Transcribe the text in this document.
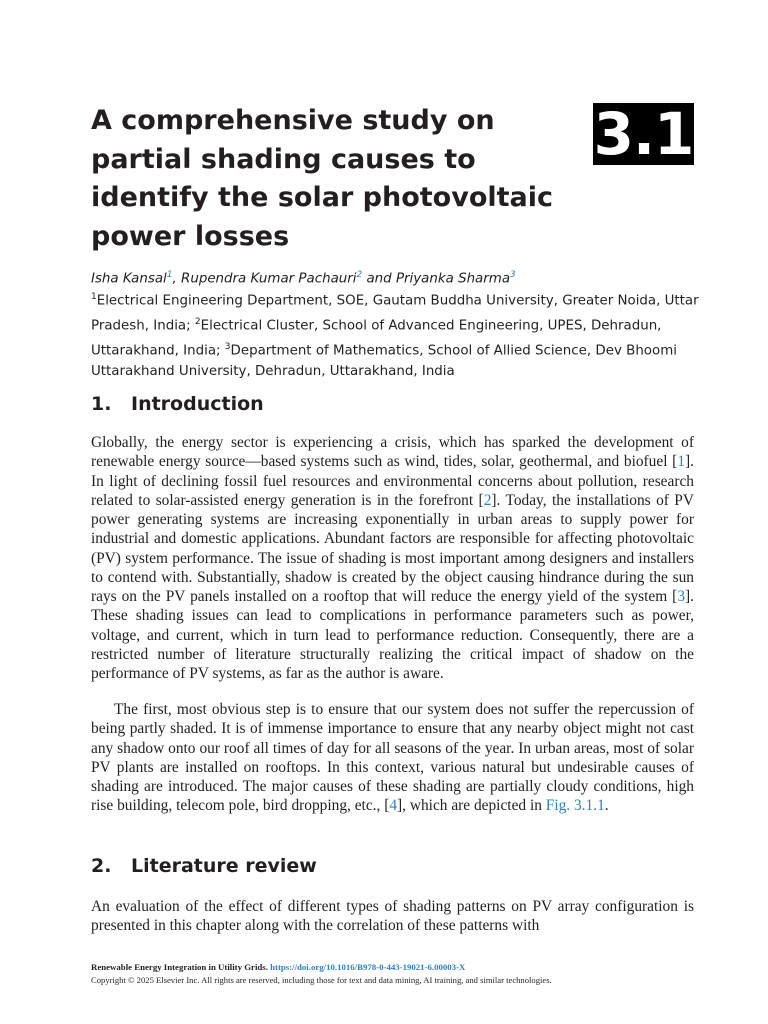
A comprehensive study on partial shading causes to identify the solar photovoltaic power losses
3.1
Isha Kansal$^1$, Rupendra Kumar Pachauri$^2$ and Priyanka Sharma$^3$
$^1$Electrical Engineering Department, SOE, Gautam Buddha University, Greater Noida, Uttar Pradesh, India; $^2$Electrical Cluster, School of Advanced Engineering, UPES, Dehradun, Uttarakhand, India; $^3$Department of Mathematics, School of Allied Science, Dev Bhoomi Uttarakhand University, Dehradun, Uttarakhand, India
1. Introduction

Globally, the energy sector is experiencing a crisis, which has sparked the development of renewable energy source—based systems such as wind, tides, solar, geothermal, and biofuel [1]. In light of declining fossil fuel resources and environmental concerns about pollution, research related to solar-assisted energy generation is in the forefront [2]. Today, the installations of PV power generating systems are increasing exponentially in urban areas to supply power for industrial and domestic applications. Abundant factors are responsible for affecting photovoltaic (PV) system performance. The issue of shading is most important among designers and installers to contend with. Substantially, shadow is created by the object causing hindrance during the sun rays on the PV panels installed on a rooftop that will reduce the energy yield of the system [3]. These shading issues can lead to complications in performance parameters such as power, voltage, and current, which in turn lead to performance reduction. Consequently, there are a restricted number of literature structurally realizing the critical impact of shadow on the performance of PV systems, as far as the author is aware.

The first, most obvious step is to ensure that our system does not suffer the repercussion of being partly shaded. It is of immense importance to ensure that any nearby object might not cast any shadow onto our roof all times of day for all seasons of the year. In urban areas, most of solar PV plants are installed on rooftops. In this context, various natural but undesirable causes of shading are introduced. The major causes of these shading are partially cloudy conditions, high rise building, telecom pole, bird dropping, etc., [4], which are depicted in Fig. 3.1.1.

2. Literature review

An evaluation of the effect of different types of shading patterns on PV array configuration is presented in this chapter along with the correlation of these patterns with

Renewable Energy Integration in Utility Grids. https://doi.org/10.1016/B978-0-443-19021-6.00003-X
Copyright © 2025 Elsevier Inc. All rights are reserved, including those for text and data mining, AI training, and similar technologies.
